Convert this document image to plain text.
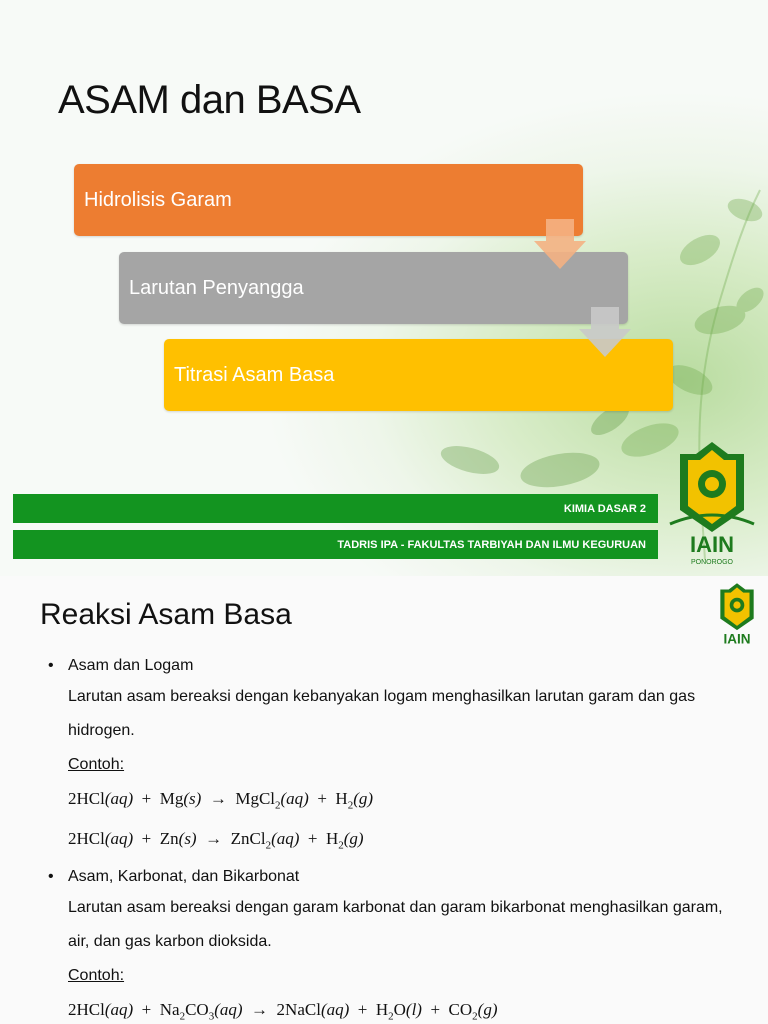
ASAM dan BASA
Hidrolisis Garam
Larutan Penyangga
Titrasi Asam Basa
KIMIA DASAR 2
TADRIS IPA - FAKULTAS TARBIYAH DAN ILMU KEGURUAN IAIN
PONOROGO
Reaksi Asam Basa
IAIN
• Asam dan Logam
Larutan asam bereaksi dengan kebanyakan logam menghasilkan larutan garam dan gas hidrogen.
Contoh:
2HCl(aq)  +  Mg(s)  →  MgCl$_2$(aq)  +  $H_2(g)$
2HCl(aq)  +  Zn(s)  →  ZnCl$_2$(aq)  +  $H_2(g)$
• Asam, Karbonat, dan Bikarbonat
Larutan asam bereaksi dengan garam karbonat dan garam bikarbonat menghasilkan garam, air, dan gas karbon dioksida.
Contoh:
$2HCl(aq) + Na_2CO_3(aq)$  →  2NaCl(aq)  +  $H_2O(l) + CO_2(g)$
